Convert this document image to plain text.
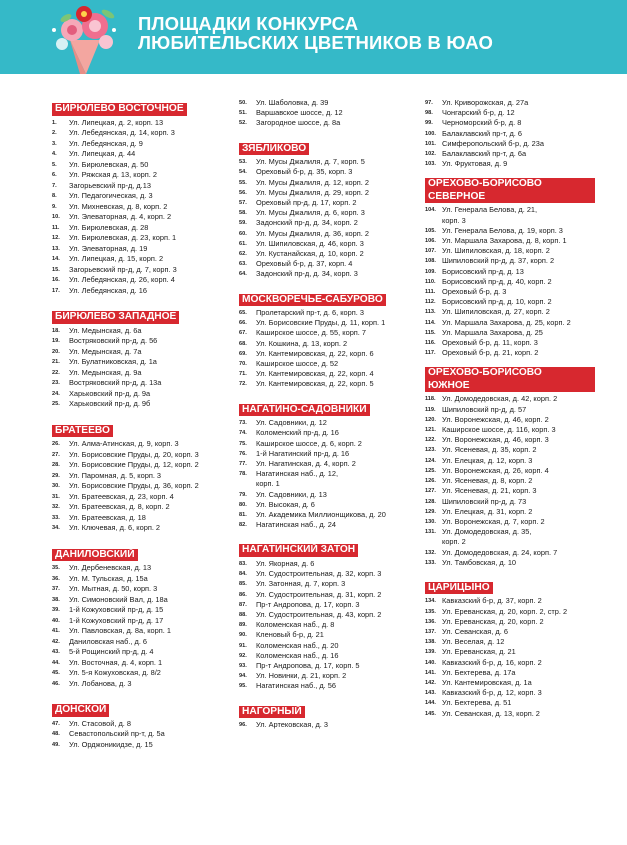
ПЛОЩАДКИ КОНКУРСА
ЛЮБИТЕЛЬСКИХ ЦВЕТНИКОВ В ЮАО
БИРЮЛЕВО ВОСТОЧНОЕ
1. Ул. Липецкая, д. 2, корп. 13
2. Ул. Лебедянская, д. 14, корп. 3
3. Ул. Лебедянская, д. 9
4. Ул. Липецкая, д. 44
5. Ул. Бирюлевская, д. 50
6. Ул. Ряжская д. 13, корп. 2
7. Загорьевский пр-д, д.13
8. Ул. Педагогическая, д. 3
9. Ул. Михневская, д. 8, корп. 2
10. Ул. Элеваторная, д. 4, корп. 2
11. Ул. Бирюлевская, д. 28
12. Ул. Бирюлевская, д. 23, корп. 1
13. Ул. Элеваторная, д. 19
14. Ул. Липецкая, д. 15, корп. 2
15. Загорьевский пр-д, д. 7, корп. 3
16. Ул. Лебедянская, д. 26, корп. 4
17. Ул. Лебедянская, д. 16
БИРЮЛЕВО ЗАПАДНОЕ
18. Ул. Медынская, д. 6а
19. Востряковский пр-д, д. 56
20. Ул. Медынская, д. 7а
21. Ул. Булатниковская, д. 1а
22. Ул. Медынская, д. 9а
23. Востряковский пр-д, д. 13а
24. Харьковский пр-д, д. 9а
25. Харьковский пр-д, д. 9б
БРАТЕЕВО
26. Ул. Алма-Атинская, д. 9, корп. 3
27. Ул. Борисовские Пруды, д. 20, корп. 3
28. Ул. Борисовские Пруды, д. 12, корп. 2
29. Ул. Паромная, д. 5, корп. 3
30. Ул. Борисовские Пруды, д. 36, корп. 2
31. Ул. Братеевская, д. 23, корп. 4
32. Ул. Братеевская, д. 8, корп. 2
33. Ул. Братеевская, д. 18
34. Ул. Ключевая, д. 6, корп. 2
ДАНИЛОВСКИЙ
35. Ул. Дербеневская, д. 13
36. Ул. М. Тульская, д. 15а
37. Ул. Мытная, д. 50, корп. 3
38. Ул. Симоновский Вал, д. 18а
39. 1-й Кожуховский пр-д, д. 15
40. 1-й Кожуховский пр-д, д. 17
41. Ул. Павловская, д. 8а, корп. 1
42. Даниловская наб., д. 6
43. 5-й Рощинский пр-д, д. 4
44. Ул. Восточная, д. 4, корп. 1
45. Ул. 5-я Кожуховская, д. 8/2
46. Ул. Лобанова, д. 3
ДОНСКОЙ
47. Ул. Стасовой, д. 8
48. Севастопольский пр-т, д. 5а
49. Ул. Орджоникидзе, д. 15
50. Ул. Шаболовка, д. 39
51. Варшавское шоссе, д. 12
52. Загородное шоссе, д. 8а
ЗЯБЛИКОВО
53. Ул. Мусы Джалиля, д. 7, корп. 5
54. Ореховый б-р, д. 35, корп. 3
55. Ул. Мусы Джалиля, д. 12, корп. 2
56. Ул. Мусы Джалиля, д. 29, корп. 2
57. Ореховый пр-д, д. 17, корп. 2
58. Ул. Мусы Джалиля, д. 6, корп. 3
59. Задонский пр-д, д. 34, корп. 2
60. Ул. Мусы Джалиля, д. 36, корп. 2
61. Ул. Шипиловская, д. 46, корп. 3
62. Ул. Кустанайская, д. 10, корп. 2
63. Ореховый б-р, д. 37, корп. 4
64. Задонский пр-д, д. 34, корп. 3
МОСКВОРЕЧЬЕ-САБУРОВО
65. Пролетарский пр-т, д. 6, корп. 3
66. Ул. Борисовские Пруды, д. 11, корп. 1
67. Каширское шоссе, д. 55, корп. 7
68. Ул. Кошкина, д. 13, корп. 2
69. Ул. Кантемировская, д. 22, корп. 6
70. Каширское шоссе, д. 52
71. Ул. Кантемировская, д. 22, корп. 4
72. Ул. Кантемировская, д. 22, корп. 5
НАГАТИНО-САДОВНИКИ
73. Ул. Садовники, д. 12
74. Коломенский пр-д, д. 16
75. Каширское шоссе, д. 6, корп. 2
76. 1-й Нагатинский пр-д, д. 16
77. Ул. Нагатинская, д. 4, корп. 2
78. Нагатинская наб., д. 12,
корп. 1
79. Ул. Садовники, д. 13
80. Ул. Высокая, д. 6
81. Ул. Академика Миллионщикова, д. 20
82. Нагатинская наб., д. 24
НАГАТИНСКИЙ ЗАТОН
83. Ул. Якорная, д. 6
84. Ул. Судостроительная, д. 32, корп. 3
85. Ул. Затонная, д. 7, корп. 3
86. Ул. Судостроительная, д. 31, корп. 2
87. Пр-т Андропова, д. 17, корп. 3
88. Ул. Судостроительная, д. 43, корп. 2
89. Коломенская наб., д. 8
90. Кленовый б-р, д. 21
91. Коломенская наб., д. 20
92. Коломенская наб., д. 16
93. Пр-т Андропова, д. 17, корп. 5
94. Ул. Новинки, д. 21, корп. 2
95. Нагатинская наб., д. 56
НАГОРНЫЙ
96. Ул. Артековская, д. 3
97. Ул. Криворожская, д. 27а
98. Чонгарский б-р, д. 12
99. Черноморский б-р, д. 8
100. Балаклавский пр-т, д. 6
101. Симферопольский б-р, д. 23а
102. Балаклавский пр-т, д. 6а
103. Ул. Фруктовая, д. 9
ОРЕХОВО-БОРИСОВО
СЕВЕРНОЕ
104. Ул. Генерала Белова, д. 21,
корп. 3
105. Ул. Генерала Белова, д. 19, корп. 3
106. Ул. Маршала Захарова, д. 8, корп. 1
107. Ул. Шипиловская, д. 18, корп. 2
108. Шипиловский пр-д, д. 37, корп. 2
109. Борисовский пр-д, д. 13
110. Борисовский пр-д, д. 40, корп. 2
111. Ореховый б-р, д. 3
112. Борисовский пр-д, д. 10, корп. 2
113. Ул. Шипиловская, д. 27, корп. 2
114. Ул. Маршала Захарова, д. 25, корп. 2
115. Ул. Маршала Захарова, д. 25
116. Ореховый б-р, д. 11, корп. 3
117. Ореховый б-р, д. 21, корп. 2
ОРЕХОВО-БОРИСОВО
ЮЖНОЕ
118. Ул. Домодедовская, д. 42, корп. 2
119. Шипиловский пр-д, д. 57
120. Ул. Воронежская, д. 46, корп. 2
121. Каширское шоссе, д. 116, корп. 3
122. Ул. Воронежская, д. 46, корп. 3
123. Ул. Ясеневая, д. 35, корп. 2
124. Ул. Елецкая, д. 12, корп. 3
125. Ул. Воронежская, д. 26, корп. 4
126. Ул. Ясеневая, д. 8, корп. 2
127. Ул. Ясеневая, д. 21, корп. 3
128. Шипиловский пр-д, д. 73
129. Ул. Елецкая, д. 31, корп. 2
130. Ул. Воронежская, д. 7, корп. 2
131. Ул. Домодедовская, д. 35,
корп. 2
132. Ул. Домодедовская, д. 24, корп. 7
133. Ул. Тамбовская, д. 10
ЦАРИЦЫНО
134. Кавказский б-р, д. 37, корп. 2
135. Ул. Ереванская, д. 20, корп. 2, стр. 2
136. Ул. Ереванская, д. 20, корп. 2
137. Ул. Севанская, д. 6
138. Ул. Веселая, д. 12
139. Ул. Ереванская, д. 21
140. Кавказский б-р, д. 16, корп. 2
141. Ул. Бехтерева, д. 17а
142. Ул. Кантемировская, д. 1а
143. Кавказский б-р, д. 12, корп. 3
144. Ул. Бехтерева, д. 51
145. Ул. Севанская, д. 13, корп. 2
